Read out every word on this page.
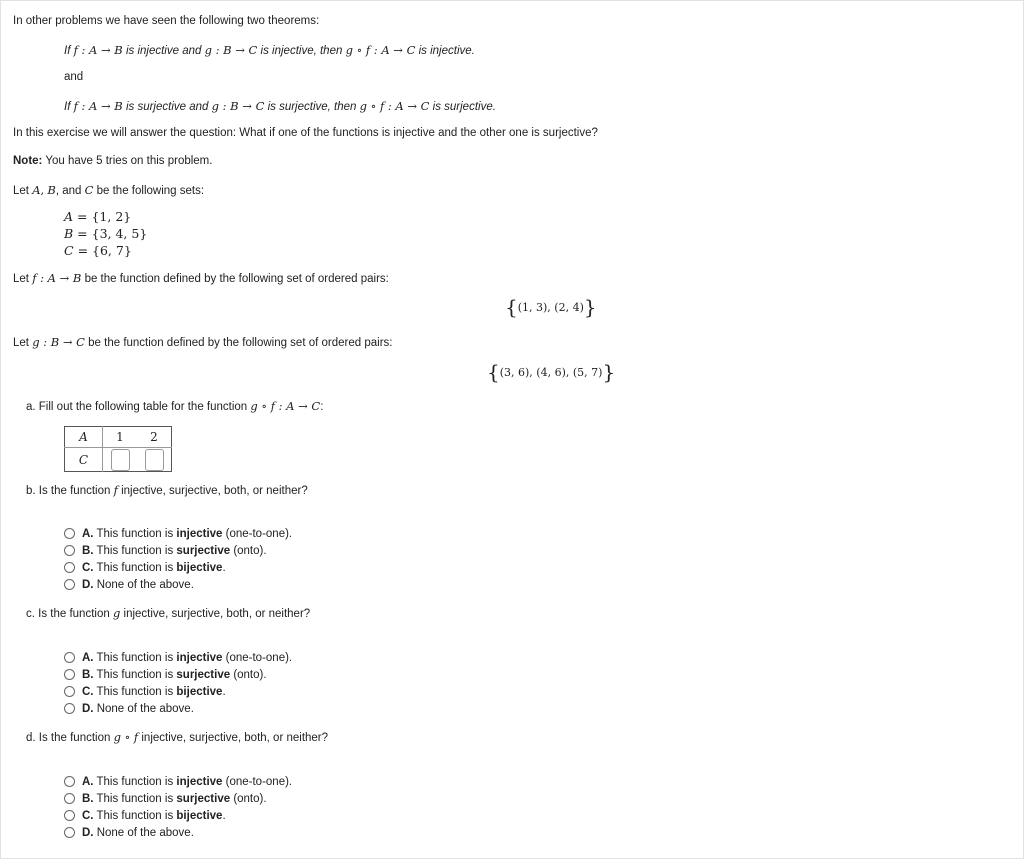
In other problems we have seen the following two theorems:
If f : A → B is injective and g : B → C is injective, then g ∘ f : A → C is injective.
and
If f : A → B is surjective and g : B → C is surjective, then g ∘ f : A → C is surjective.
In this exercise we will answer the question: What if one of the functions is injective and the other one is surjective?
Note: You have 5 tries on this problem.
Let A, B, and C be the following sets:
A = {1, 2}
B = {3, 4, 5}
C = {6, 7}
Let f : A → B be the function defined by the following set of ordered pairs:
{(1, 3), (2, 4)}
Let g : B → C be the function defined by the following set of ordered pairs:
{(3, 6), (4, 6), (5, 7)}
a. Fill out the following table for the function g ∘ f : A → C:
A	1	2
C		
b. Is the function f injective, surjective, both, or neither?
A. This function is injective (one-to-one).
B. This function is surjective (onto).
C. This function is bijective.
D. None of the above.
c. Is the function g injective, surjective, both, or neither?
A. This function is injective (one-to-one).
B. This function is surjective (onto).
C. This function is bijective.
D. None of the above.
d. Is the function g ∘ f injective, surjective, both, or neither?
A. This function is injective (one-to-one).
B. This function is surjective (onto).
C. This function is bijective.
D. None of the above.
